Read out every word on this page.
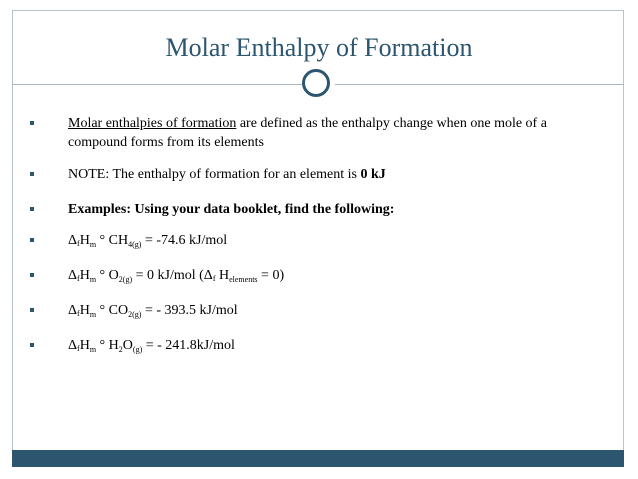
Molar Enthalpy of Formation
Molar enthalpies of formation are defined as the enthalpy change when one mole of a compound forms from its elements
NOTE: The enthalpy of formation for an element is 0 kJ
Examples: Using your data booklet, find the following:
ΔfH$_m$ ° $CH_{4(g)} = -74.6$ kJ/mol
ΔfH$_m$ ° $O_{2(g)} = 0$ kJ/mol (Δf $H_{elements} = 0$)
ΔfH$_m$ ° $CO_{2(g)}$ = - 393.5 kJ/mol
ΔfH$_m$ ° $H_2O_{(g)}$ = - 241.8kJ/mol
